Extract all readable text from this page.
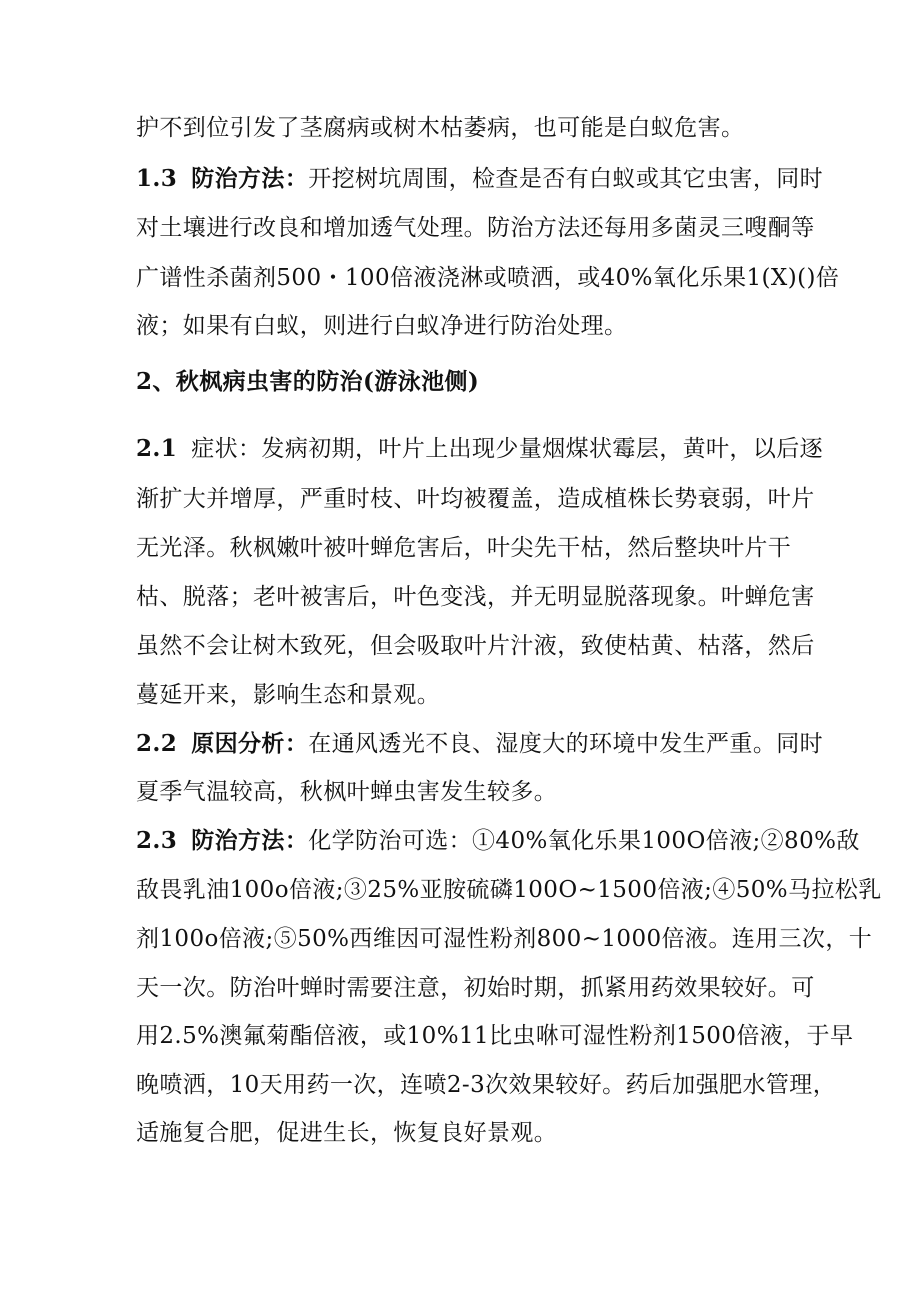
护不到位引发了茎腐病或树木枯萎病，也可能是白蚁危害。
1.3 防治方法：开挖树坑周围，检查是否有白蚁或其它虫害，同时
对土壤进行改良和增加透气处理。防治方法还每用多菌灵三嗖酮等
广谱性杀菌剂500・100倍液浇淋或喷洒，或40%氧化乐果1(X)()倍
液；如果有白蚁，则进行白蚁净进行防治处理。
2、秋枫病虫害的防治(游泳池侧)
2.1 症状：发病初期，叶片上出现少量烟煤状霉层，黄叶，以后逐
渐扩大并增厚，严重时枝、叶均被覆盖，造成植株长势衰弱，叶片
无光泽。秋枫嫩叶被叶蝉危害后，叶尖先干枯，然后整块叶片干
枯、脱落；老叶被害后，叶色变浅，并无明显脱落现象。叶蝉危害
虽然不会让树木致死，但会吸取叶片汁液，致使枯黄、枯落，然后
蔓延开来，影响生态和景观。
2.2 原因分析：在通风透光不良、湿度大的环境中发生严重。同时
夏季气温较高，秋枫叶蝉虫害发生较多。
2.3 防治方法：化学防治可选：①40%氧化乐果100O倍液;②80%敌
敌畏乳油100o倍液;③25%亚胺硫磷100O~1500倍液;④50%马拉松乳
剂100o倍液;⑤50%西维因可湿性粉剂800~1000倍液。连用三次，十
天一次。防治叶蝉时需要注意，初始时期，抓紧用药效果较好。可
用2.5%澳氟菊酯倍液，或10%11比虫咻可湿性粉剂1500倍液，于早
晚喷洒，10天用药一次，连喷2-3次效果较好。药后加强肥水管理，
适施复合肥，促进生长，恢复良好景观。
